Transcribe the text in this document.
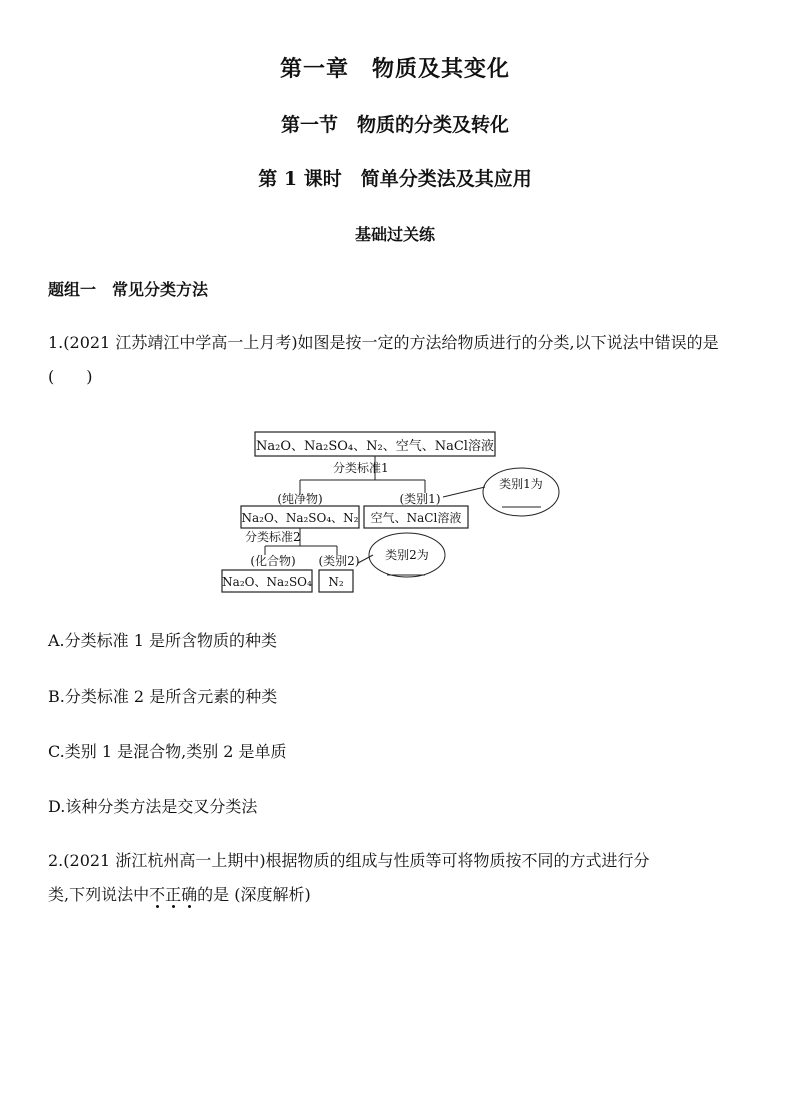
第一章　物质及其变化
第一节　物质的分类及转化
第 1 课时　简单分类法及其应用
基础过关练
题组一　常见分类方法
1.(2021 江苏靖江中学高一上月考)如图是按一定的方法给物质进行的分类,以下说法中错误的是　(　　)
Na₂O、Na₂SO₄、N₂、空气、NaCl溶液
分类标准1
(纯净物)	(类别1)
Na₂O、Na₂SO₄、N₂ 空气、NaCl溶液
类别1为
分类标准2
(化合物) (类别2)
Na₂O、Na₂SO₄ N₂
类别2为
A.分类标准 1 是所含物质的种类
B.分类标准 2 是所含元素的种类
C.类别 1 是混合物,类别 2 是单质
D.该种分类方法是交叉分类法
2.(2021 浙江杭州高一上期中)根据物质的组成与性质等可将物质按不同的方式进行分
类,下列说法中不正确的是 (深度解析)
